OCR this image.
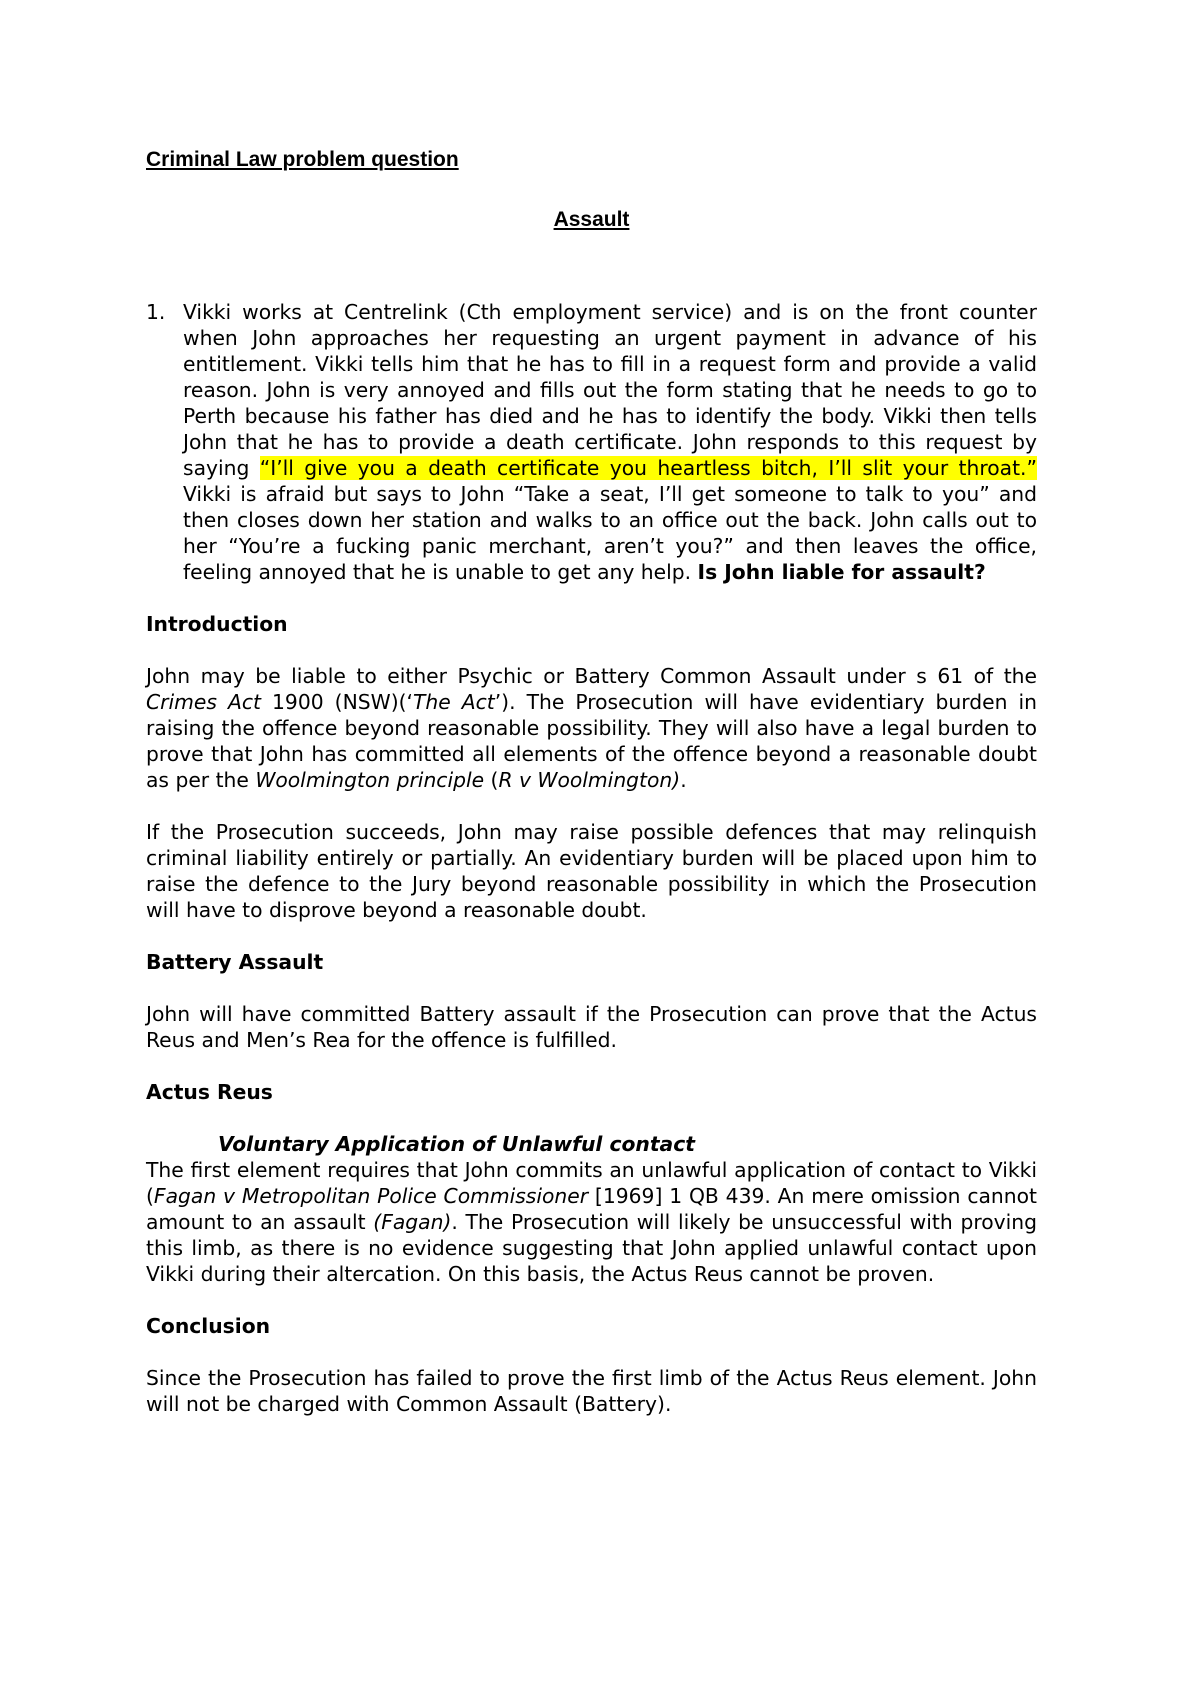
Criminal Law problem question

Assault

1. Vikki works at Centrelink (Cth employment service) and is on the front counter when John approaches her requesting an urgent payment in advance of his entitlement. Vikki tells him that he has to fill in a request form and provide a valid reason. John is very annoyed and fills out the form stating that he needs to go to Perth because his father has died and he has to identify the body. Vikki then tells John that he has to provide a death certificate. John responds to this request by saying “I’ll give you a death certificate you heartless bitch, I’ll slit your throat.” Vikki is afraid but says to John “Take a seat, I’ll get someone to talk to you” and then closes down her station and walks to an office out the back. John calls out to her “You’re a fucking panic merchant, aren’t you?” and then leaves the office, feeling annoyed that he is unable to get any help. Is John liable for assault?

Introduction

John may be liable to either Psychic or Battery Common Assault under s 61 of the Crimes Act 1900 (NSW)(‘The Act’). The Prosecution will have evidentiary burden in raising the offence beyond reasonable possibility. They will also have a legal burden to prove that John has committed all elements of the offence beyond a reasonable doubt as per the Woolmington principle (R v Woolmington).

If the Prosecution succeeds, John may raise possible defences that may relinquish criminal liability entirely or partially. An evidentiary burden will be placed upon him to raise the defence to the Jury beyond reasonable possibility in which the Prosecution will have to disprove beyond a reasonable doubt.

Battery Assault

John will have committed Battery assault if the Prosecution can prove that the Actus Reus and Men’s Rea for the offence is fulfilled.

Actus Reus

Voluntary Application of Unlawful contact

The first element requires that John commits an unlawful application of contact to Vikki (Fagan v Metropolitan Police Commissioner [1969] 1 QB 439. An mere omission cannot amount to an assault (Fagan). The Prosecution will likely be unsuccessful with proving this limb, as there is no evidence suggesting that John applied unlawful contact upon Vikki during their altercation. On this basis, the Actus Reus cannot be proven.

Conclusion

Since the Prosecution has failed to prove the first limb of the Actus Reus element. John will not be charged with Common Assault (Battery).
